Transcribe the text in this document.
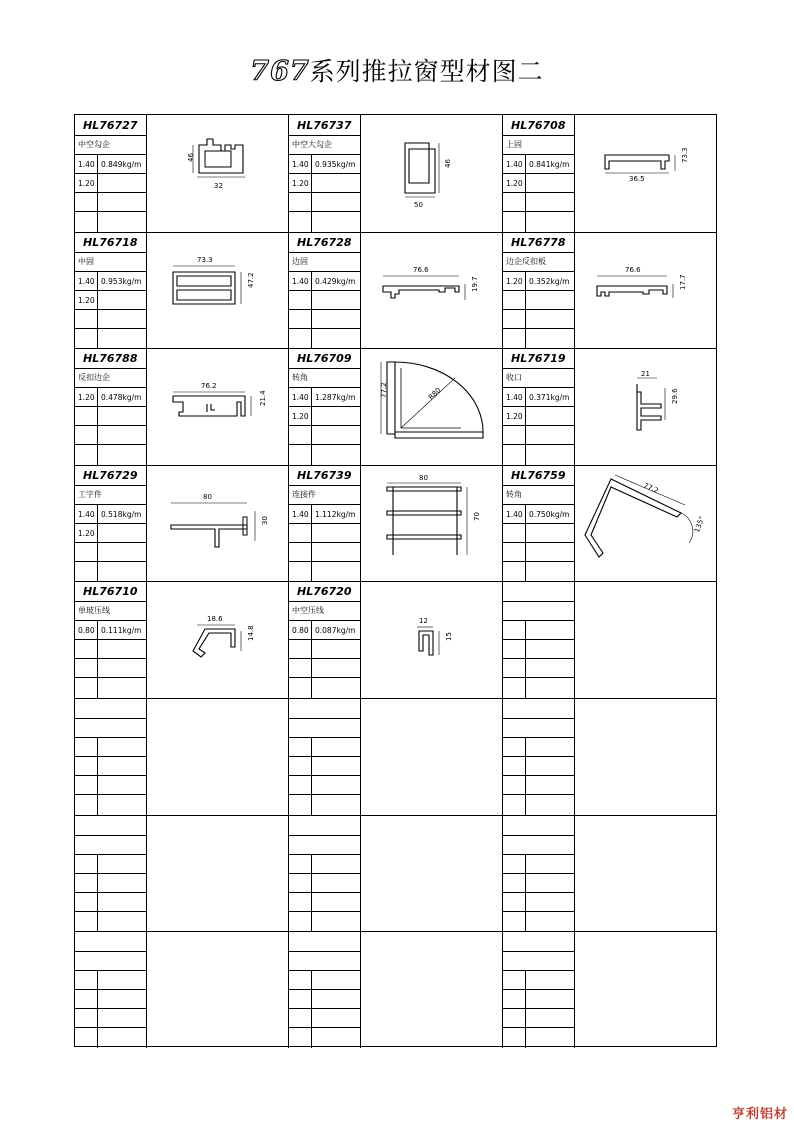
767系列推拉窗型材图二
HL76727
中空勾企
1.40 0.849kg/m
1.20	32
46
HL76737
中空大勾企
1.40 0.935kg/m
1.20
50
46
HL76708
上固
1.40 0.841kg/m
1.20	36.5
73.3
HL76718
中固
1.40 0.953kg/m
1.20
73.3
47.2
HL76728
边固
1.40 0.429kg/m
76.6
19.7
HL76778
边企反扣板
1.20 0.352kg/m
76.6
17.7
HL76788
反扣边企
1.20 0.478kg/m
76.2
21.4
HL76709
转角
1.40 1.287kg/m
1.20
77.2	R80
HL76719
收口
1.40 0.371kg/m
1.20
21
29.6
HL76729
工字件
1.40 0.518kg/m
1.20
80
30
HL76739
连接件
1.40 1.112kg/m
80
70
HL76759
转角
1.40 0.750kg/m
77.2
135°
HL76710
单玻压线
0.80 0.111kg/m
18.6
14.8
HL76720
中空压线
0.80 0.087kg/m
12
15
亨利铝材
